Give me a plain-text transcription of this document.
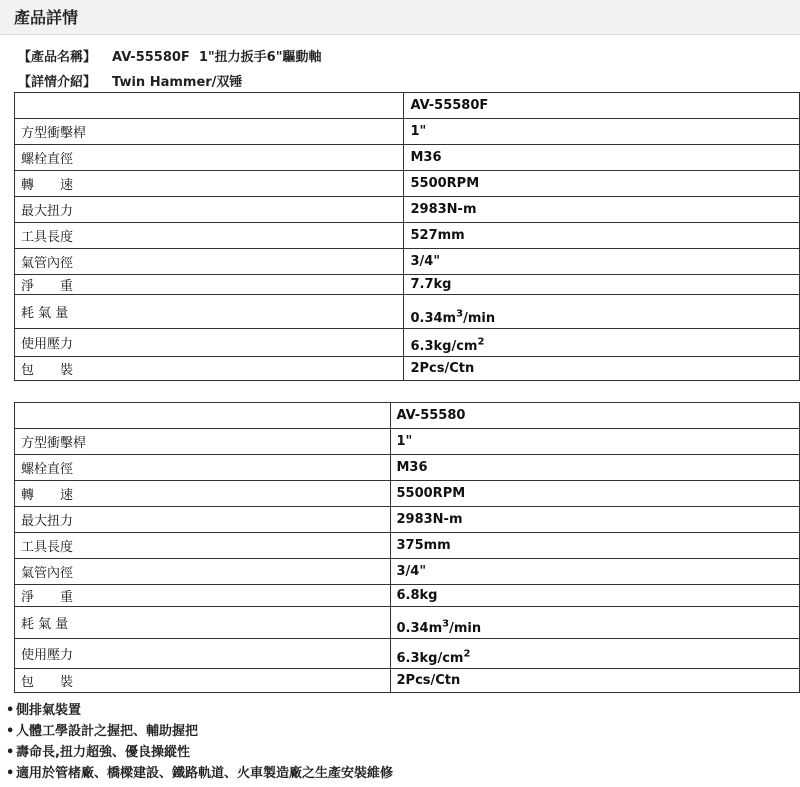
產品詳情
【產品名稱】 AV-55580F  1"扭力扳手6"驅動軸
【詳情介紹】 Twin Hammer/双锤
	AV-55580F
方型衝擊桿	1"
螺栓直徑	M36
轉　　速	5500RPM
最大扭力	2983N-m
工具長度	527mm
氣管內徑	3/4"
淨　　重	7.7kg
耗 氣 量	$0.34m^3/\min$
使用壓力	$6.3kg/cm^2$
包　　裝	2Pcs/Ctn
	AV-55580
方型衝擊桿	1"
螺栓直徑	M36
轉　　速	5500RPM
最大扭力	2983N-m
工具長度	375mm
氣管內徑	3/4"
淨　　重	6.8kg
耗 氣 量	$0.34m^3/\min$
使用壓力	$6.3kg/cm^2$
包　　裝	2Pcs/Ctn
• 側排氣裝置
• 人體工學設計之握把、輔助握把
• 壽命長,扭力超強、優良操縱性
• 適用於管楮廠、橋樑建設、鐵路軌道、火車製造廠之生產安裝維修
